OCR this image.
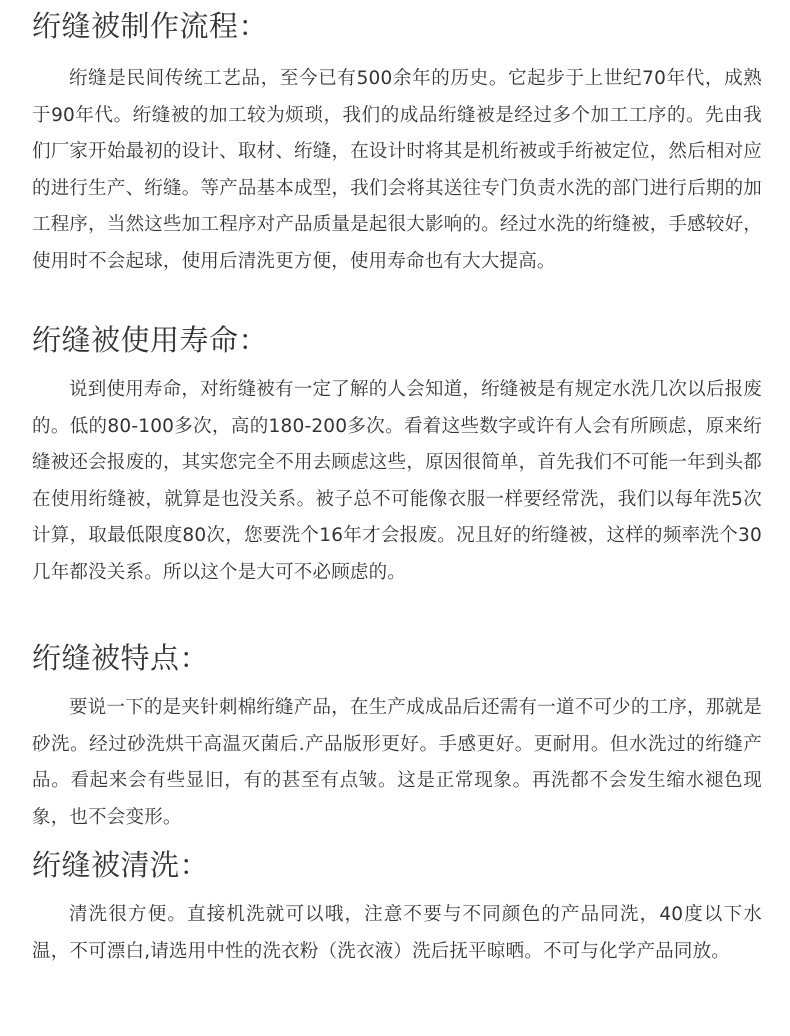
绗缝被制作流程：

绗缝是民间传统工艺品，至今已有500余年的历史。它起步于上世纪70年代，成熟于90年代。绗缝被的加工较为烦琐，我们的成品绗缝被是经过多个加工工序的。先由我们厂家开始最初的设计、取材、绗缝，在设计时将其是机绗被或手绗被定位，然后相对应的进行生产、绗缝。等产品基本成型，我们会将其送往专门负责水洗的部门进行后期的加工程序，当然这些加工程序对产品质量是起很大影响的。经过水洗的绗缝被，手感较好，使用时不会起球，使用后清洗更方便，使用寿命也有大大提高。

绗缝被使用寿命：

说到使用寿命，对绗缝被有一定了解的人会知道，绗缝被是有规定水洗几次以后报废的。低的80-100多次，高的180-200多次。看着这些数字或许有人会有所顾虑，原来绗缝被还会报废的，其实您完全不用去顾虑这些，原因很简单，首先我们不可能一年到头都在使用绗缝被，就算是也没关系。被子总不可能像衣服一样要经常洗，我们以每年洗5次计算，取最低限度80次，您要洗个16年才会报废。况且好的绗缝被，这样的频率洗个30几年都没关系。所以这个是大可不必顾虑的。

绗缝被特点：

要说一下的是夹针刺棉绗缝产品，在生产成成品后还需有一道不可少的工序，那就是砂洗。经过砂洗烘干高温灭菌后.产品版形更好。手感更好。更耐用。但水洗过的绗缝产品。看起来会有些显旧，有的甚至有点皱。这是正常现象。再洗都不会发生缩水褪色现象，也不会变形。

绗缝被清洗：

清洗很方便。直接机洗就可以哦，注意不要与不同颜色的产品同洗，40度以下水温，不可漂白,请选用中性的洗衣粉（洗衣液）洗后抚平晾晒。不可与化学产品同放。
